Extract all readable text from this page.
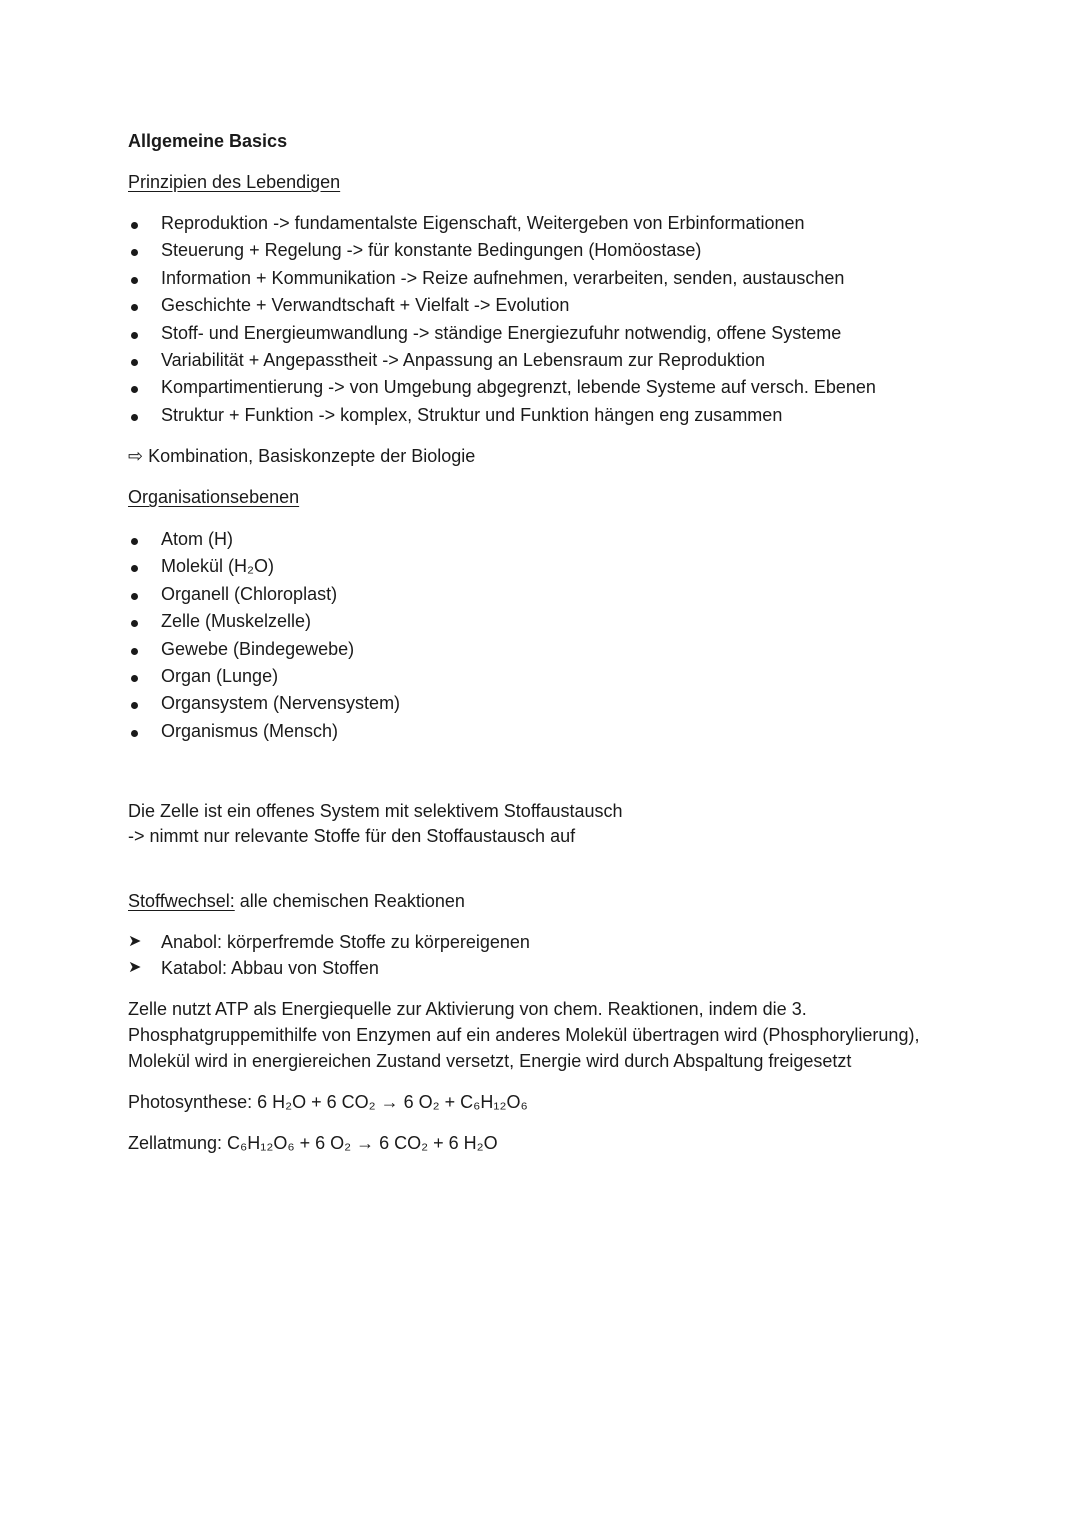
Allgemeine Basics
Prinzipien des Lebendigen
Reproduktion -> fundamentalste Eigenschaft, Weitergeben von Erbinformationen
Steuerung + Regelung -> für konstante Bedingungen (Homöostase)
Information + Kommunikation -> Reize aufnehmen, verarbeiten, senden, austauschen
Geschichte + Verwandtschaft + Vielfalt -> Evolution
Stoff- und Energieumwandlung -> ständige Energiezufuhr notwendig, offene Systeme
Variabilität + Angepasstheit -> Anpassung an Lebensraum zur Reproduktion
Kompartimentierung -> von Umgebung abgegrenzt, lebende Systeme auf versch. Ebenen
Struktur + Funktion -> komplex, Struktur und Funktion hängen eng zusammen
⇨ Kombination, Basiskonzepte der Biologie
Organisationsebenen
Atom (H)
Molekül (H₂O)
Organell (Chloroplast)
Zelle (Muskelzelle)
Gewebe (Bindegewebe)
Organ (Lunge)
Organsystem (Nervensystem)
Organismus (Mensch)
Die Zelle ist ein offenes System mit selektivem Stoffaustausch
-> nimmt nur relevante Stoffe für den Stoffaustausch auf
Stoffwechsel: alle chemischen Reaktionen
➤ Anabol: körperfremde Stoffe zu körpereigenen
➤ Katabol: Abbau von Stoffen
Zelle nutzt ATP als Energiequelle zur Aktivierung von chem. Reaktionen, indem die 3.
Phosphatgruppemithilfe von Enzymen auf ein anderes Molekül übertragen wird (Phosphorylierung),
Molekül wird in energiereichen Zustand versetzt, Energie wird durch Abspaltung freigesetzt
Photosynthese: 6 H₂O + 6 CO₂ → 6 O₂ + C₆H₁₂O₆
Zellatmung: C₆H₁₂O₆ + 6 O₂ → 6 CO₂ + 6 H₂O
